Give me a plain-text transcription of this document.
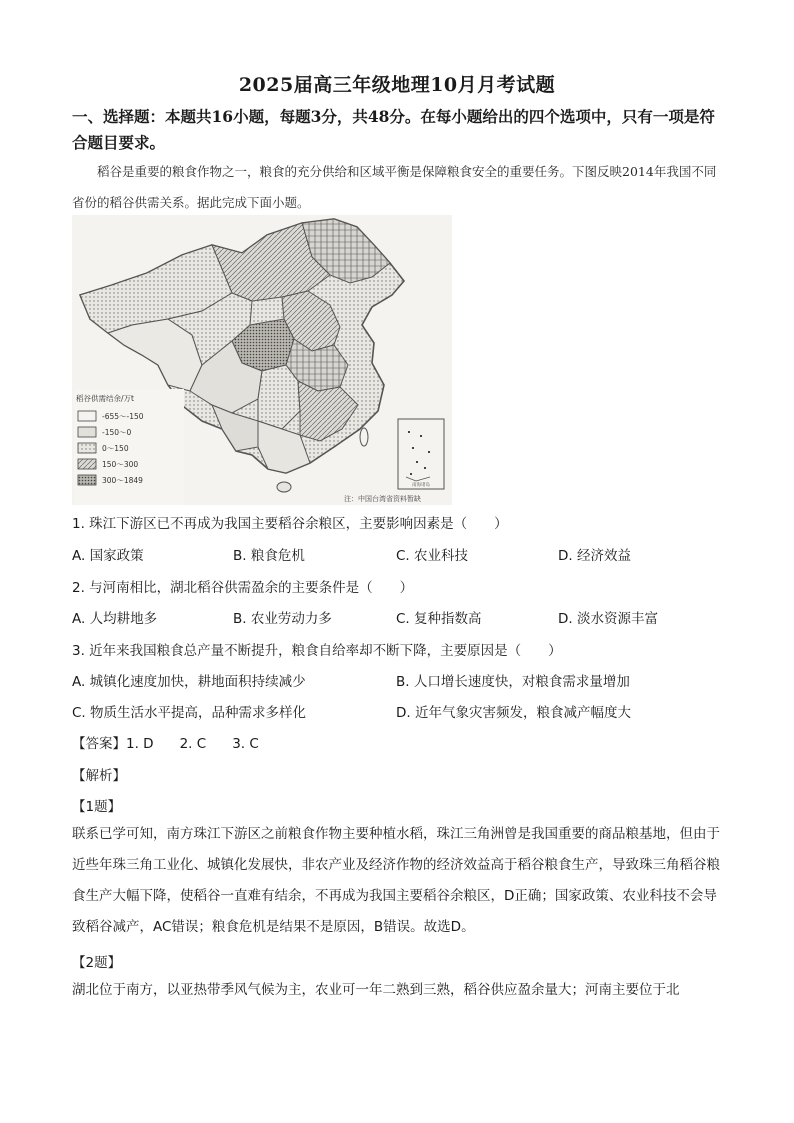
2025届高三年级地理10月月考试题
一、选择题：本题共16小题，每题3分，共48分。在每小题给出的四个选项中，只有一项是符合题目要求。
稻谷是重要的粮食作物之一，粮食的充分供给和区域平衡是保障粮食安全的重要任务。下图反映2014年我国不同省份的稻谷供需关系。据此完成下面小题。
稻谷供需结余/万t
-655～-150
-150～0
0～150
150～300
300～1849
南海诸岛
注：中国台湾省资料暂缺
1. 珠江下游区已不再成为我国主要稻谷余粮区，主要影响因素是（　　）
A. 国家政策	B. 粮食危机	C. 农业科技	D. 经济效益
2. 与河南相比，湖北稻谷供需盈余的主要条件是（　　）
A. 人均耕地多	B. 农业劳动力多	C. 复种指数高	D. 淡水资源丰富
3. 近年来我国粮食总产量不断提升，粮食自给率却不断下降，主要原因是（　　）
A. 城镇化速度加快，耕地面积持续减少	B. 人口增长速度快，对粮食需求量增加
C. 物质生活水平提高，品种需求多样化	D. 近年气象灾害频发，粮食减产幅度大
【答案】1. D 2. C 3. C
【解析】
【1题】
联系已学可知，南方珠江下游区之前粮食作物主要种植水稻，珠江三角洲曾是我国重要的商品粮基地，但由于近些年珠三角工业化、城镇化发展快，非农产业及经济作物的经济效益高于稻谷粮食生产，导致珠三角稻谷粮食生产大幅下降，使稻谷一直难有结余，不再成为我国主要稻谷余粮区，D正确；国家政策、农业科技不会导致稻谷减产，AC错误；粮食危机是结果不是原因，B错误。故选D。
【2题】
湖北位于南方，以亚热带季风气候为主，农业可一年二熟到三熟，稻谷供应盈余量大；河南主要位于北
